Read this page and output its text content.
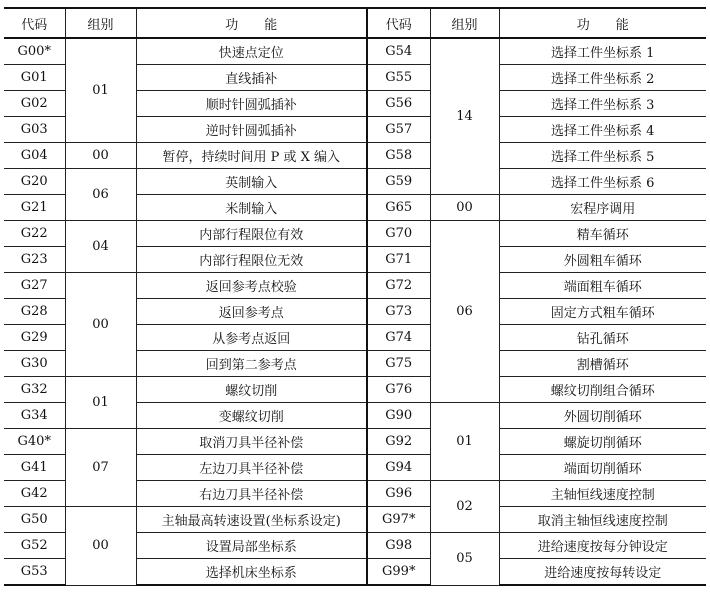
代码	组别	功　　能	代码	组别	功　　能
G00*	01	快速点定位	G54	14	选择工件坐标系 1
G01		直线插补	G55		选择工件坐标系 2
G02		顺时针圆弧插补	G56		选择工件坐标系 3
G03		逆时针圆弧插补	G57		选择工件坐标系 4
G04	00	暂停，持续时间用 P 或 X 编入	G58		选择工件坐标系 5
G20	06	英制输入	G59		选择工件坐标系 6
G21		米制输入	G65	00	宏程序调用
G22	04	内部行程限位有效	G70	06	精车循环
G23		内部行程限位无效	G71		外圆粗车循环
G27	00	返回参考点校验	G72		端面粗车循环
G28		返回参考点	G73		固定方式粗车循环
G29		从参考点返回	G74		钻孔循环
G30		回到第二参考点	G75		割槽循环
G32	01	螺纹切削	G76		螺纹切削组合循环
G34		变螺纹切削	G90	01	外圆切削循环
G40*	07	取消刀具半径补偿	G92		螺旋切削循环
G41		左边刀具半径补偿	G94		端面切削循环
G42		右边刀具半径补偿	G96	02	主轴恒线速度控制
G50	00	主轴最高转速设置(坐标系设定)	G97*		取消主轴恒线速度控制
G52		设置局部坐标系	G98	05	进给速度按每分钟设定
G53		选择机床坐标系	G99*		进给速度按每转设定
